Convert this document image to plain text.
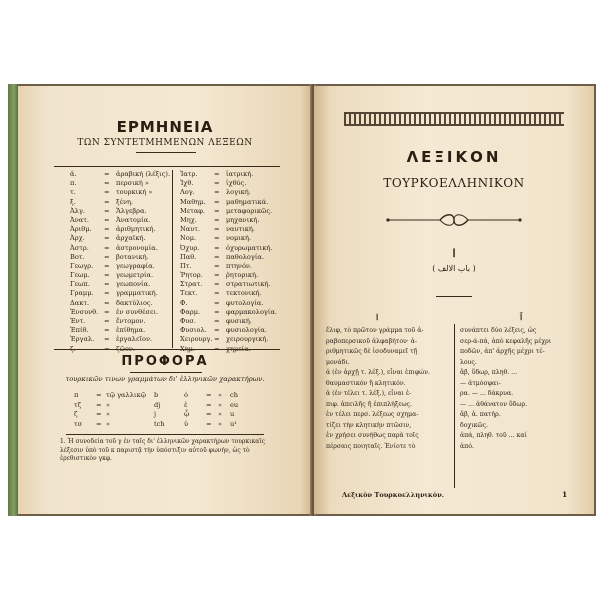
ΕΡΜΗΝΕΙΑ
ΤΩΝ ΣΥΝΤΕΤΜΗΜΕΝΩΝ ΛΕΞΕΩΝ
ἀ.	= ἀραβική (λέξις).
π.	= περσική »
τ.	= τουρκική »
ξ.	= ξένη.
Ἀλγ.	= Ἄλγεβρα.
Ἀνατ. = Ἀνατομία.
Ἀριθμ. = ἀριθμητική.
Ἀρχ.	= ἀρχαϊκή.
Ἀστρ. = ἀστρονομία.
Βοτ.	= βοτανική.
Γεωγρ. = γεωγραφία.
Γεωμ. = γεωμετρία.
Γεωπ. = γεωπονία.
Γραμμ. = γραμματική.
Δακτ. = δακτύλιος.
Ἐνσυνθ. = ἐν συνθέσει.
Ἐντ.	= ἔντομον.
Ἐπίθ. = ἐπίθημα.
Ἐργαλ. = ἐργαλεῖον.
Ἰατρ. = ἰατρική.
Ἰχθ.	= ἰχθύς.
Λογ.	= λογική.
Μαθημ. = μαθηματικά.
Μεταφ. = μεταφορικῶς.
Μηχ.	= μηχανική.
Ναυτ. = ναυτική.
Νομ.	= νομική.
Ὀχυρ. = ὀχυρωματική.
Παθ.	= παθολογία.
Πτ.	= πτηνόν.
Ῥητορ. = ῥητορική.
Στρατ. = στρατιωτική.
Τεκτ. = τεκτονική.
Φ.	= φυτολογία.
Φαρμ. = φαρμακολογία.
Φυσ.	= φυσική.
Φυσιολ. = φυσιολογία.
Χειρουργ. = χειρουργική.
ΠΡΟΦΟΡΑ
τουρκικῶν τινων γραμμάτων δι' ἑλληνικῶν χαρακτήρων.
π	= τῷ γαλλικῷ b	ό	= » ch
τζ = »	dj	ἐ	= » eu
ζ	= »	j	ᾦ	= » u
τσ = »	tch	ὐ	= » u¹
1. Ἡ συνοδεία τοῦ γ ἐν ταῖς δι' ἑλληνικῶν χαρακτήρων τουρκικαῖς λέξεσιν ὑπὸ τοῦ κ παριστᾷ τὴν ὑπόστιξιν αὐτοῦ φωνήν, ὡς τὸ ἐρεθιστικὸν γκφ.
ΛΕΞΙΚΟΝ
ΤΟΥΡΚΟΕΛΛΗΝΙΚΟΝ
ا
( باب الالف )
ا	اَ
ἔλιφ, τὸ πρῶτον γράμμα τοῦ ἀ-
ραβοπερσικοῦ ἀλφαβήτου· ἀ-
ριθμητικῶς δὲ ἰσοδυναμεῖ τῇ
μονάδι.
ἀ (ἐν ἀρχῇ τ. λέξ.), εἶναι ἐπιφών.
θαυμαστικόν ἤ κλητικόν.
ἀ (ἐν τέλει τ. λέξ.), εἶναι ἐ-
πιφ. ἀπειλῆς ἤ ἐπιπλήξεως.
ἐν τέλει περσ. λέξεως σχημα-
τίζει τὴν κλητικὴν πτῶσιν,
ἐν χρήσει συνήθως παρὰ τοῖς
πέρσαις ποιηταῖς. Ἐνίοτε τὸ
συνάπτει δύο λέξεις, ὡς
σερ-ά-πά, ἀπὸ κεφαλῆς μέχρι
ποδῶν, ἀπ' ἀρχῆς μέχρι τέ-
λους.
ἄβ, ὕδωρ, πληθ. ...
— ἀτμόσφαι-
ρα. — ... δάκρυα.
— ... ἀθάνατον ὕδωρ.
ἄβ, ἀ. πατήρ.
δοχικῶς.
ἀπά, πληθ. τοῦ ... καί
ἀπό.
Λεξικὸν Τουρκοελληνικόν.	1
